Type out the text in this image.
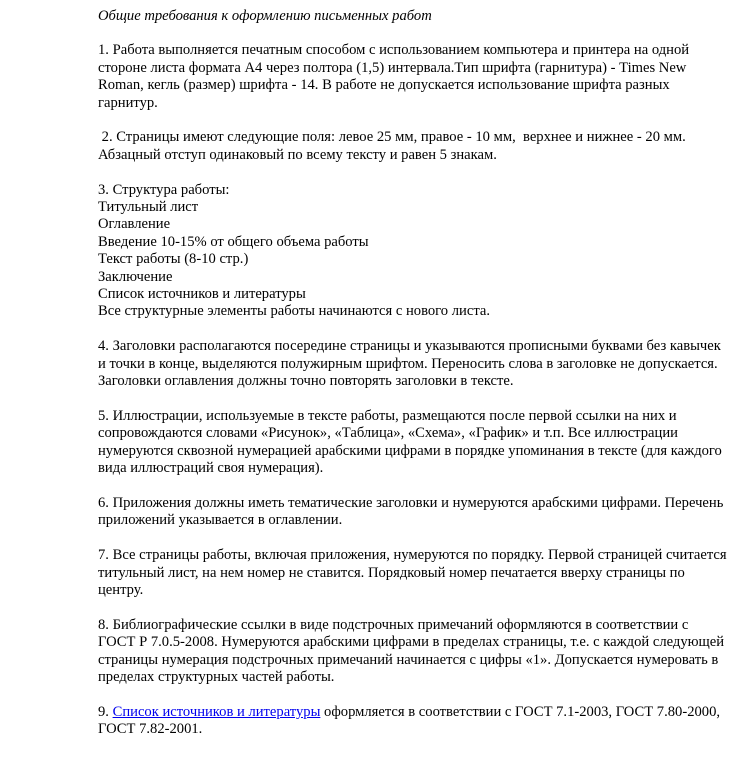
Общие требования к оформлению письменных работ
1. Работа выполняется печатным способом с использованием компьютера и принтера на одной стороне листа формата А4 через полтора (1,5) интервала.Тип шрифта (гарнитура) - Times New Roman, кегль (размер) шрифта - 14. В работе не допускается использование шрифта разных гарнитур.
2. Страницы имеют следующие поля: левое 25 мм, правое - 10 мм,  верхнее и нижнее - 20 мм. Абзацный отступ одинаковый по всему тексту и равен 5 знакам.
3. Структура работы:
Титульный лист
Оглавление
Введение 10-15% от общего объема работы
Текст работы (8-10 стр.)
Заключение
Список источников и литературы
Все структурные элементы работы начинаются с нового листа.
4. Заголовки располагаются посередине страницы и указываются прописными буквами без кавычек и точки в конце, выделяются полужирным шрифтом. Переносить слова в заголовке не допускается. Заголовки оглавления должны точно повторять заголовки в тексте.
5. Иллюстрации, используемые в тексте работы, размещаются после первой ссылки на них и сопровождаются словами «Рисунок», «Таблица», «Схема», «График» и т.п. Все иллюстрации нумеруются сквозной нумерацией арабскими цифрами в порядке упоминания в тексте (для каждого вида иллюстраций своя нумерация).
6. Приложения должны иметь тематические заголовки и нумеруются арабскими цифрами. Перечень приложений указывается в оглавлении.
7. Все страницы работы, включая приложения, нумеруются по порядку. Первой страницей считается титульный лист, на нем номер не ставится. Порядковый номер печатается вверху страницы по центру.
8. Библиографические ссылки в виде подстрочных примечаний оформляются в соответствии с ГОСТ Р 7.0.5-2008. Нумеруются арабскими цифрами в пределах страницы, т.е. с каждой следующей страницы нумерация подстрочных примечаний начинается с цифры «1». Допускается нумеровать в пределах структурных частей работы.
9. Список источников и литературы оформляется в соответствии с ГОСТ 7.1-2003, ГОСТ 7.80-2000, ГОСТ 7.82-2001.
